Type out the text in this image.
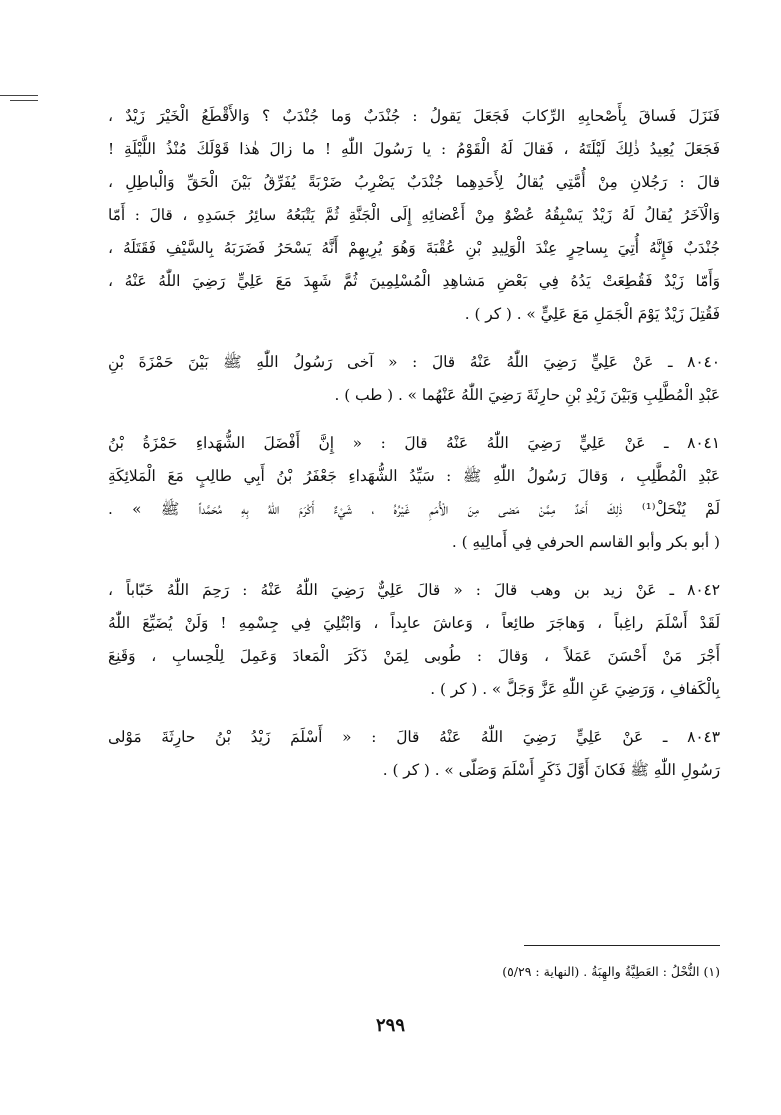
فَنَزَلَ فَساقَ بِأَصْحابِهِ الرِّكابَ فَجَعَلَ يَقولُ : جُنْدَبٌ وَما جُنْدَبٌ ؟ وَالأَقْطَعُ الْخَيْرَ زَيْدٌ ،
فَجَعَلَ يُعِيدُ ذٰلِكَ لَيْلَتَهُ ، فَقالَ لَهُ الْقَوْمُ : يا رَسُولَ اللّٰهِ ! ما زالَ هٰذا قَوْلَكَ مُنْذُ اللَّيْلَةِ !
قالَ : رَجُلانِ مِنْ أُمَّتِي يُقالُ لِأَحَدِهِما جُنْدَبٌ يَضْرِبُ ضَرْبَةً يُفَرِّقُ بَيْنَ الْحَقِّ وَالْباطِلِ ،
وَالْآخَرُ يُقالُ لَهُ زَيْدٌ يَسْبِقُهُ عُضْوٌ مِنْ أَعْضائِهِ إِلَى الْجَنَّةِ ثُمَّ يَتْبَعُهُ سائِرُ جَسَدِهِ ، قالَ : أَمّا
جُنْدَبٌ فَإِنَّهُ أُتِيَ بِساحِرٍ عِنْدَ الْوَلِيدِ بْنِ عُقْبَةَ وَهُوَ يُرِيهِمْ أَنَّهُ يَسْحَرُ فَضَرَبَهُ بِالسَّيْفِ فَقَتَلَهُ ،
وَأَمّا زَيْدٌ فَقُطِعَتْ يَدُهُ فِي بَعْضِ مَشاهِدِ الْمُسْلِمِينَ ثُمَّ شَهِدَ مَعَ عَلِيٍّ رَضِيَ اللّٰهُ عَنْهُ ،
فَقُتِلَ زَيْدٌ يَوْمَ الْجَمَلِ مَعَ عَلِيٍّ » . ( كر ) .
٨٠٤٠ ـ عَنْ عَلِيٍّ رَضِيَ اللّٰهُ عَنْهُ قالَ : « آخى رَسُولُ اللّٰهِ ﷺ بَيْنَ حَمْزَةَ بْنِ
عَبْدِ الْمُطَّلِبِ وَبَيْنَ زَيْدِ بْنِ حارِثَةَ رَضِيَ اللّٰهُ عَنْهُما » . ( طب ) .
٨٠٤١ ـ عَنْ عَلِيٍّ رَضِيَ اللّٰهُ عَنْهُ قالَ : « إِنَّ أَفْضَلَ الشُّهَداءِ حَمْزَةُ بْنُ
عَبْدِ الْمُطَّلِبِ ، وَقالَ رَسُولُ اللّٰهِ ﷺ : سَيِّدُ الشُّهَداءِ جَعْفَرُ بْنُ أَبِي طالِبٍ مَعَ الْمَلائِكَةِ
لَمْ يُنْحَلْ⁽¹⁾ ذٰلِكَ أَحَدٌ مِمَّنْ مَضى مِنَ الْأُمَمِ غَيْرُهُ ، شَيْءٌ أَكْرَمَ اللّٰهُ بِهِ مُحَمَّداً ﷺ » .
( أبو بكر وأبو القاسم الحرفي فِي أَمالِيهِ ) .
٨٠٤٢ ـ عَنْ زيد بن وهب قالَ : « قالَ عَلِيٌّ رَضِيَ اللّٰهُ عَنْهُ : رَحِمَ اللّٰهُ خَبّاباً ،
لَقَدْ أَسْلَمَ راغِباً ، وَهاجَرَ طائِعاً ، وَعاشَ عابِداً ، وَابْتُلِيَ فِي جِسْمِهِ ! وَلَنْ يُضَيِّعَ اللّٰهُ
أَجْرَ مَنْ أَحْسَنَ عَمَلاً ، وَقالَ : طُوبى لِمَنْ ذَكَرَ الْمَعادَ وَعَمِلَ لِلْحِسابِ ، وَقَنِعَ
بِالْكَفافِ ، وَرَضِيَ عَنِ اللّٰهِ عَزَّ وَجَلَّ » . ( كر ) .
٨٠٤٣ ـ عَنْ عَلِيٍّ رَضِيَ اللّٰهُ عَنْهُ قالَ : « أَسْلَمَ زَيْدُ بْنُ حارِثَةَ مَوْلى
رَسُولِ اللّٰهِ ﷺ فَكانَ أَوَّلَ ذَكَرٍ أَسْلَمَ وَصَلّى » . ( كر ) .
(١) النُّحْلُ : العَطِيَّةُ والهِبَةُ . (النهاية : ٥/٢٩)
٢٩٩
